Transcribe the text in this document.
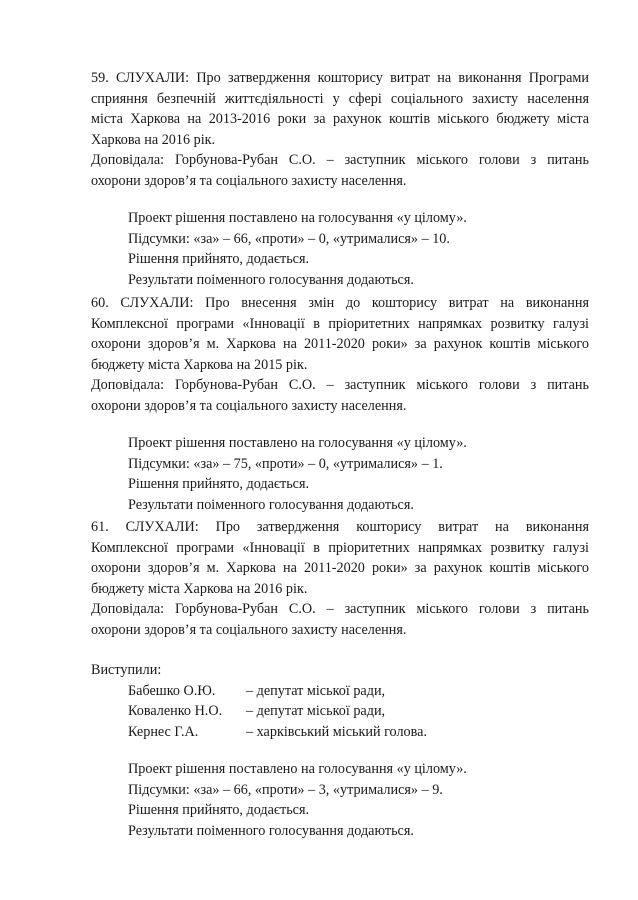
59. СЛУХАЛИ: Про затвердження кошторису витрат на виконання Програми
сприяння безпечній життєдіяльності у сфері соціального захисту населення
міста Харкова на 2013-2016 роки за рахунок коштів міського бюджету міста
Харкова на 2016 рік.
Доповідала: Горбунова-Рубан С.О. – заступник міського голови з питань
охорони здоров’я та соціального захисту населення.
Проект рішення поставлено на голосування «у цілому».
Підсумки: «за» – 66, «проти» – 0, «утрималися» – 10.
Рішення прийнято, додається.
Результати поіменного голосування додаються.
60. СЛУХАЛИ: Про внесення змін до кошторису витрат на виконання
Комплексної програми «Інновації в пріоритетних напрямках розвитку галузі
охорони здоров’я м. Харкова на 2011-2020 роки» за рахунок коштів міського
бюджету міста Харкова на 2015 рік.
Доповідала: Горбунова-Рубан С.О. – заступник міського голови з питань
охорони здоров’я та соціального захисту населення.
Проект рішення поставлено на голосування «у цілому».
Підсумки: «за» – 75, «проти» – 0, «утрималися» – 1.
Рішення прийнято, додається.
Результати поіменного голосування додаються.
61. СЛУХАЛИ: Про затвердження кошторису витрат на виконання
Комплексної програми «Інновації в пріоритетних напрямках розвитку галузі
охорони здоров’я м. Харкова на 2011-2020 роки» за рахунок коштів міського
бюджету міста Харкова на 2016 рік.
Доповідала: Горбунова-Рубан С.О. – заступник міського голови з питань
охорони здоров’я та соціального захисту населення.
Виступили:
Бабешко О.Ю. – депутат міської ради,
Коваленко Н.О. – депутат міської ради,
Кернес Г.А.	– харківський міський голова.
Проект рішення поставлено на голосування «у цілому».
Підсумки: «за» – 66, «проти» – 3, «утрималися» – 9.
Рішення прийнято, додається.
Результати поіменного голосування додаються.
